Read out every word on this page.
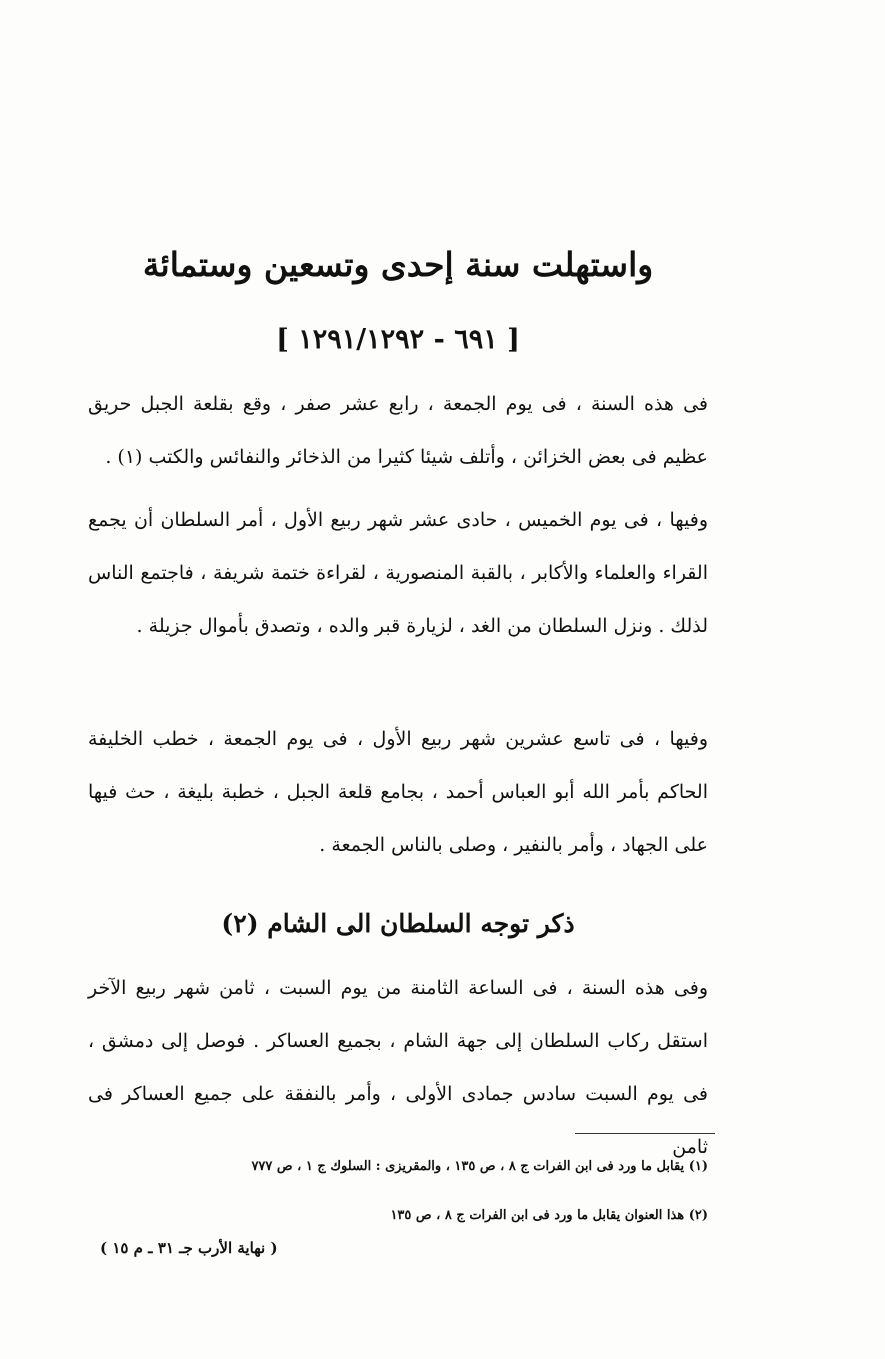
واستهلت سنة إحدى وتسعين وستمائة
[ ٦٩١ - ١٢٩١/١٢٩٢ ]

فى هذه السنة ، فى يوم الجمعة ، رابع عشر صفر ، وقع بقلعة الجبل حريق عظيم فى بعض الخزائن ، وأتلف شيئا كثيرا من الذخائر والنفائس والكتب (١) .

وفيها ، فى يوم الخميس ، حادى عشر شهر ربيع الأول ، أمر السلطان أن يجمع القراء والعلماء والأكابر ، بالقبة المنصورية ، لقراءة ختمة شريفة ، فاجتمع الناس لذلك . ونزل السلطان من الغد ، لزيارة قبر والده ، وتصدق بأموال جزيلة .

وفيها ، فى تاسع عشرين شهر ربيع الأول ، فى يوم الجمعة ، خطب الخليفة الحاكم بأمر الله أبو العباس أحمد ، بجامع قلعة الجبل ، خطبة بليغة ، حث فيها على الجهاد ، وأمر بالنفير ، وصلى بالناس الجمعة .

ذكر توجه السلطان الى الشام (٢)

وفى هذه السنة ، فى الساعة الثامنة من يوم السبت ، ثامن شهر ربيع الآخر استقل ركاب السلطان إلى جهة الشام ، بجميع العساكر . فوصل إلى دمشق ، فى يوم السبت سادس جمادى الأولى ، وأمر بالنفقة على جميع العساكر فى ثامن

(١) يقابل ما ورد فى ابن الفرات ج ٨ ، ص ١٣٥ ، والمقريزى : السلوك ج ١ ، ص ٧٧٧
(٢) هذا العنوان يقابل ما ورد فى ابن الفرات ج ٨ ، ص ١٣٥
( نهاية الأرب جـ ٣١ ـ م ١٥ )
